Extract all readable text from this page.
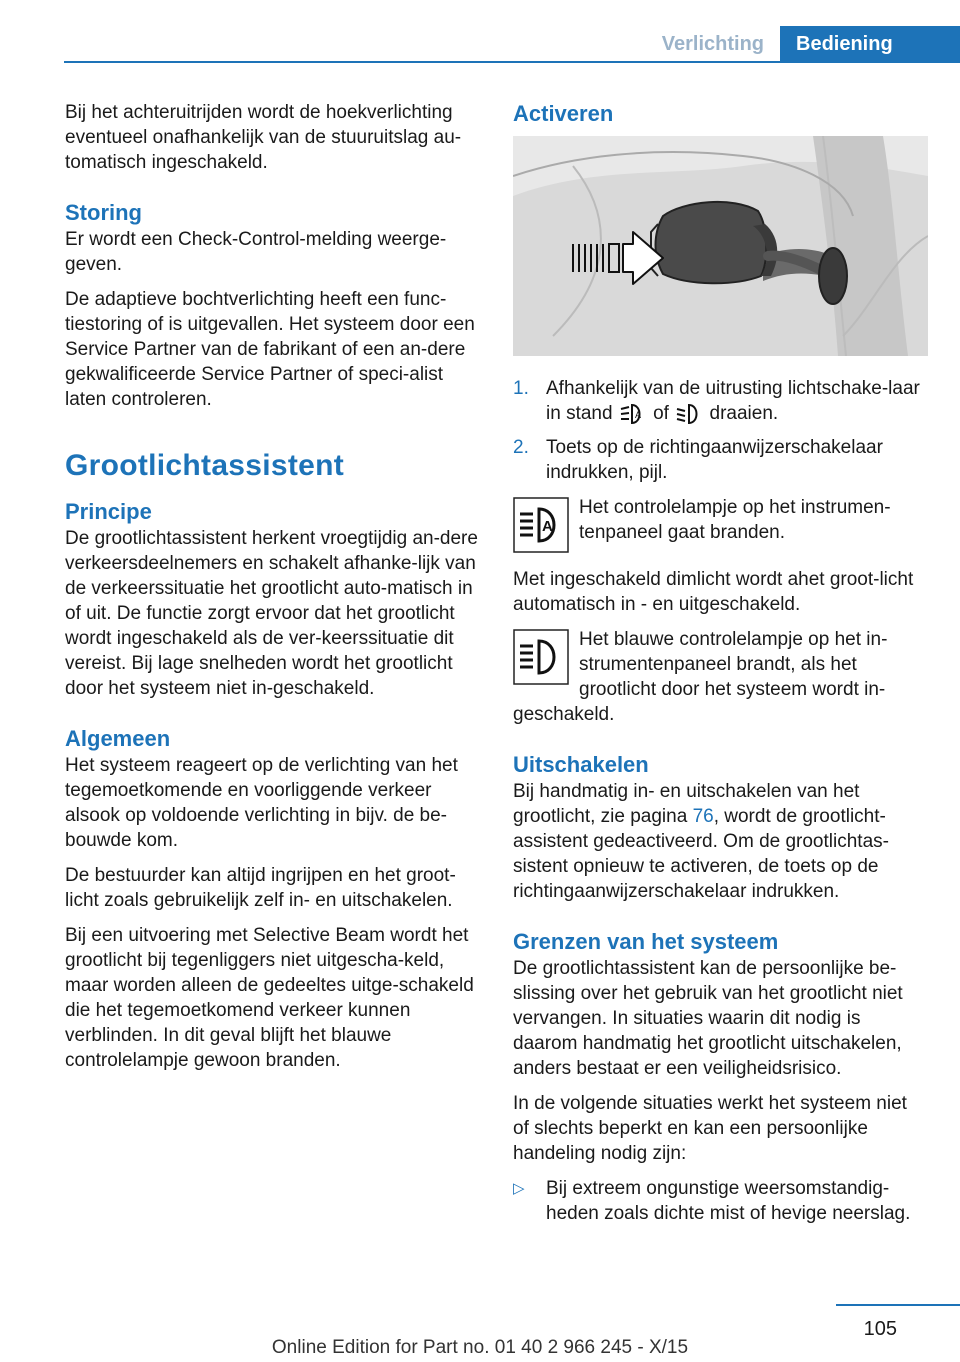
Verlichting	Bediening

Bij het achteruitrijden wordt de hoekverlichting eventueel onafhankelijk van de stuuruitslag au-tomatisch ingeschakeld.

Storing

Er wordt een Check-Control-melding weerge-geven.

De adaptieve bochtverlichting heeft een func-tiestoring of is uitgevallen. Het systeem door een Service Partner van de fabrikant of een an-dere gekwalificeerde Service Partner of speci-alist laten controleren.

Grootlichtassistent
Principe

De grootlichtassistent herkent vroegtijdig an-dere verkeersdeelnemers en schakelt afhanke-lijk van de verkeerssituatie het grootlicht auto-matisch in of uit. De functie zorgt ervoor dat het grootlicht wordt ingeschakeld als de ver-keerssituatie dit vereist. Bij lage snelheden wordt het grootlicht door het systeem niet in-geschakeld.

Algemeen

Het systeem reageert op de verlichting van het tegemoetkomende en voorliggende verkeer alsook op voldoende verlichting in bijv. de be-bouwde kom.

De bestuurder kan altijd ingrijpen en het groot-licht zoals gebruikelijk zelf in- en uitschakelen.

Bij een uitvoering met Selective Beam wordt het grootlicht bij tegenliggers niet uitgescha-keld, maar worden alleen de gedeeltes uitge-schakeld die het tegemoetkomend verkeer kunnen verblinden. In dit geval blijft het blauwe controlelampje gewoon branden.

Activeren
1. Afhankelijk van de uitrusting lichtschake-laar in stand A of draaien.
2. Toets op de richtingaanwijzerschakelaar indrukken, pijl.
A

Het controlelampje op het instrumen-tenpaneel gaat branden.

Met ingeschakeld dimlicht wordt ahet groot-licht automatisch in - en uitgeschakeld.

Het blauwe controlelampje op het in-strumentenpaneel brandt, als het grootlicht door het systeem wordt in-geschakeld.

Uitschakelen

Bij handmatig in- en uitschakelen van het grootlicht, zie pagina 76, wordt de grootlicht-assistent gedeactiveerd. Om de grootlichtas-sistent opnieuw te activeren, de toets op de richtingaanwijzerschakelaar indrukken.

Grenzen van het systeem

De grootlichtassistent kan de persoonlijke be-slissing over het gebruik van het grootlicht niet vervangen. In situaties waarin dit nodig is daarom handmatig het grootlicht uitschakelen, anders bestaat er een veiligheidsrisico.

In de volgende situaties werkt het systeem niet of slechts beperkt en kan een persoonlijke handeling nodig zijn:

▷ Bij extreem ongunstige weersomstandig-heden zoals dichte mist of hevige neerslag.
105
Online Edition for Part no. 01 40 2 966 245 - X/15
